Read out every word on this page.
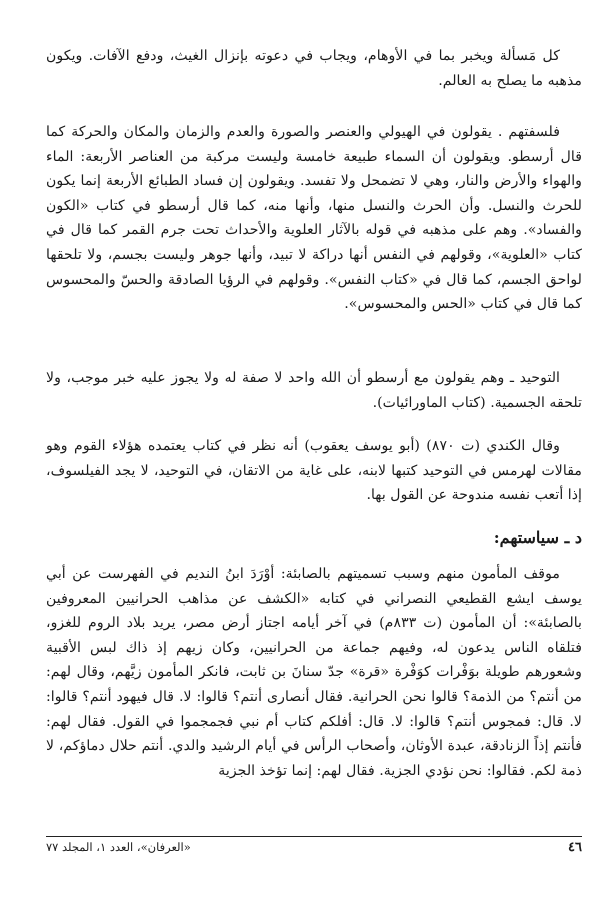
كل مَسألة ويخبر بما في الأوهام، ويجاب في دعوته بإنزال الغيث، ودفع الآفات. ويكون مذهبه ما يصلح به العالم.

فلسفتهم . يقولون في الهيولي والعنصر والصورة والعدم والزمان والمكان والحركة كما قال أرسطو. ويقولون أن السماء طبيعة خامسة وليست مركبة من العناصر الأربعة: الماء والهواء والأرض والنار، وهي لا تضمحل ولا تفسد. ويقولون إن فساد الطبائع الأربعة إنما يكون للحرث والنسل. وأن الحرث والنسل منها، وأنها منه، كما قال أرسطو في كتاب «الكون والفساد». وهم على مذهبه في قوله بالآثار العلوية والأحداث تحت جرم القمر كما قال في كتاب «العلوية»، وقولهم في النفس أنها دراكة لا تبيد، وأنها جوهر وليست بجسم، ولا تلحقها لواحق الجسم، كما قال في «كتاب النفس». وقولهم في الرؤيا الصادقة والحسّ والمحسوس كما قال في كتاب «الحس والمحسوس».

التوحيد ـ وهم يقولون مع أرسطو أن الله واحد لا صفة له ولا يجوز عليه خبر موجب، ولا تلحقه الجسمية. (كتاب الماورائيات).

وقال الكندي (ت ٨٧٠) (أبو يوسف يعقوب) أنه نظر في كتاب يعتمده هؤلاء القوم وهو مقالات لهرمس في التوحيد كتبها لابنه، على غاية من الاتقان، في التوحيد، لا يجد الفيلسوف، إذا أتعب نفسه مندوحة عن القول بها.

د ـ سياستهم:

موقف المأمون منهم وسبب تسميتهم بالصابئة: أوْرَدَ ابنُ النديم في الفهرست عن أبي يوسف ايشع القطيعي النصراني في كتابه «الكشف عن مذاهب الحرانيين المعروفين بالصابئة»: أن المأمون (ت ٨٣٣م) في آخر أيامه اجتاز أرض مصر، يريد بلاد الروم للغزو، فتلقاه الناس يدعون له، وفيهم جماعة من الحرانيين، وكان زيهم إذ ذاك لبس الأقبية وشعورهم طويلة بوَفْرات كوَفْرة «قرة» جدّ سنانَ بن ثابت، فانكر المأمون زيَّهم، وقال لهم: من أنتم؟ من الذمة؟ قالوا نحن الحرانية. فقال أنصارى أنتم؟ قالوا: لا. قال فيهود أنتم؟ قالوا: لا. قال: فمجوس أنتم؟ قالوا: لا. قال: أفلكم كتاب أم نبي فجمجموا في القول. فقال لهم: فأنتم إذاً الزنادقة، عبدة الأوثان، وأصحاب الرأس في أيام الرشيد والدي. أنتم حلال دماؤكم، لا ذمة لكم. فقالوا: نحن نؤدي الجزية. فقال لهم: إنما تؤخذ الجزية

٤٦
«العرفان»، العدد ١، المجلد ٧٧
